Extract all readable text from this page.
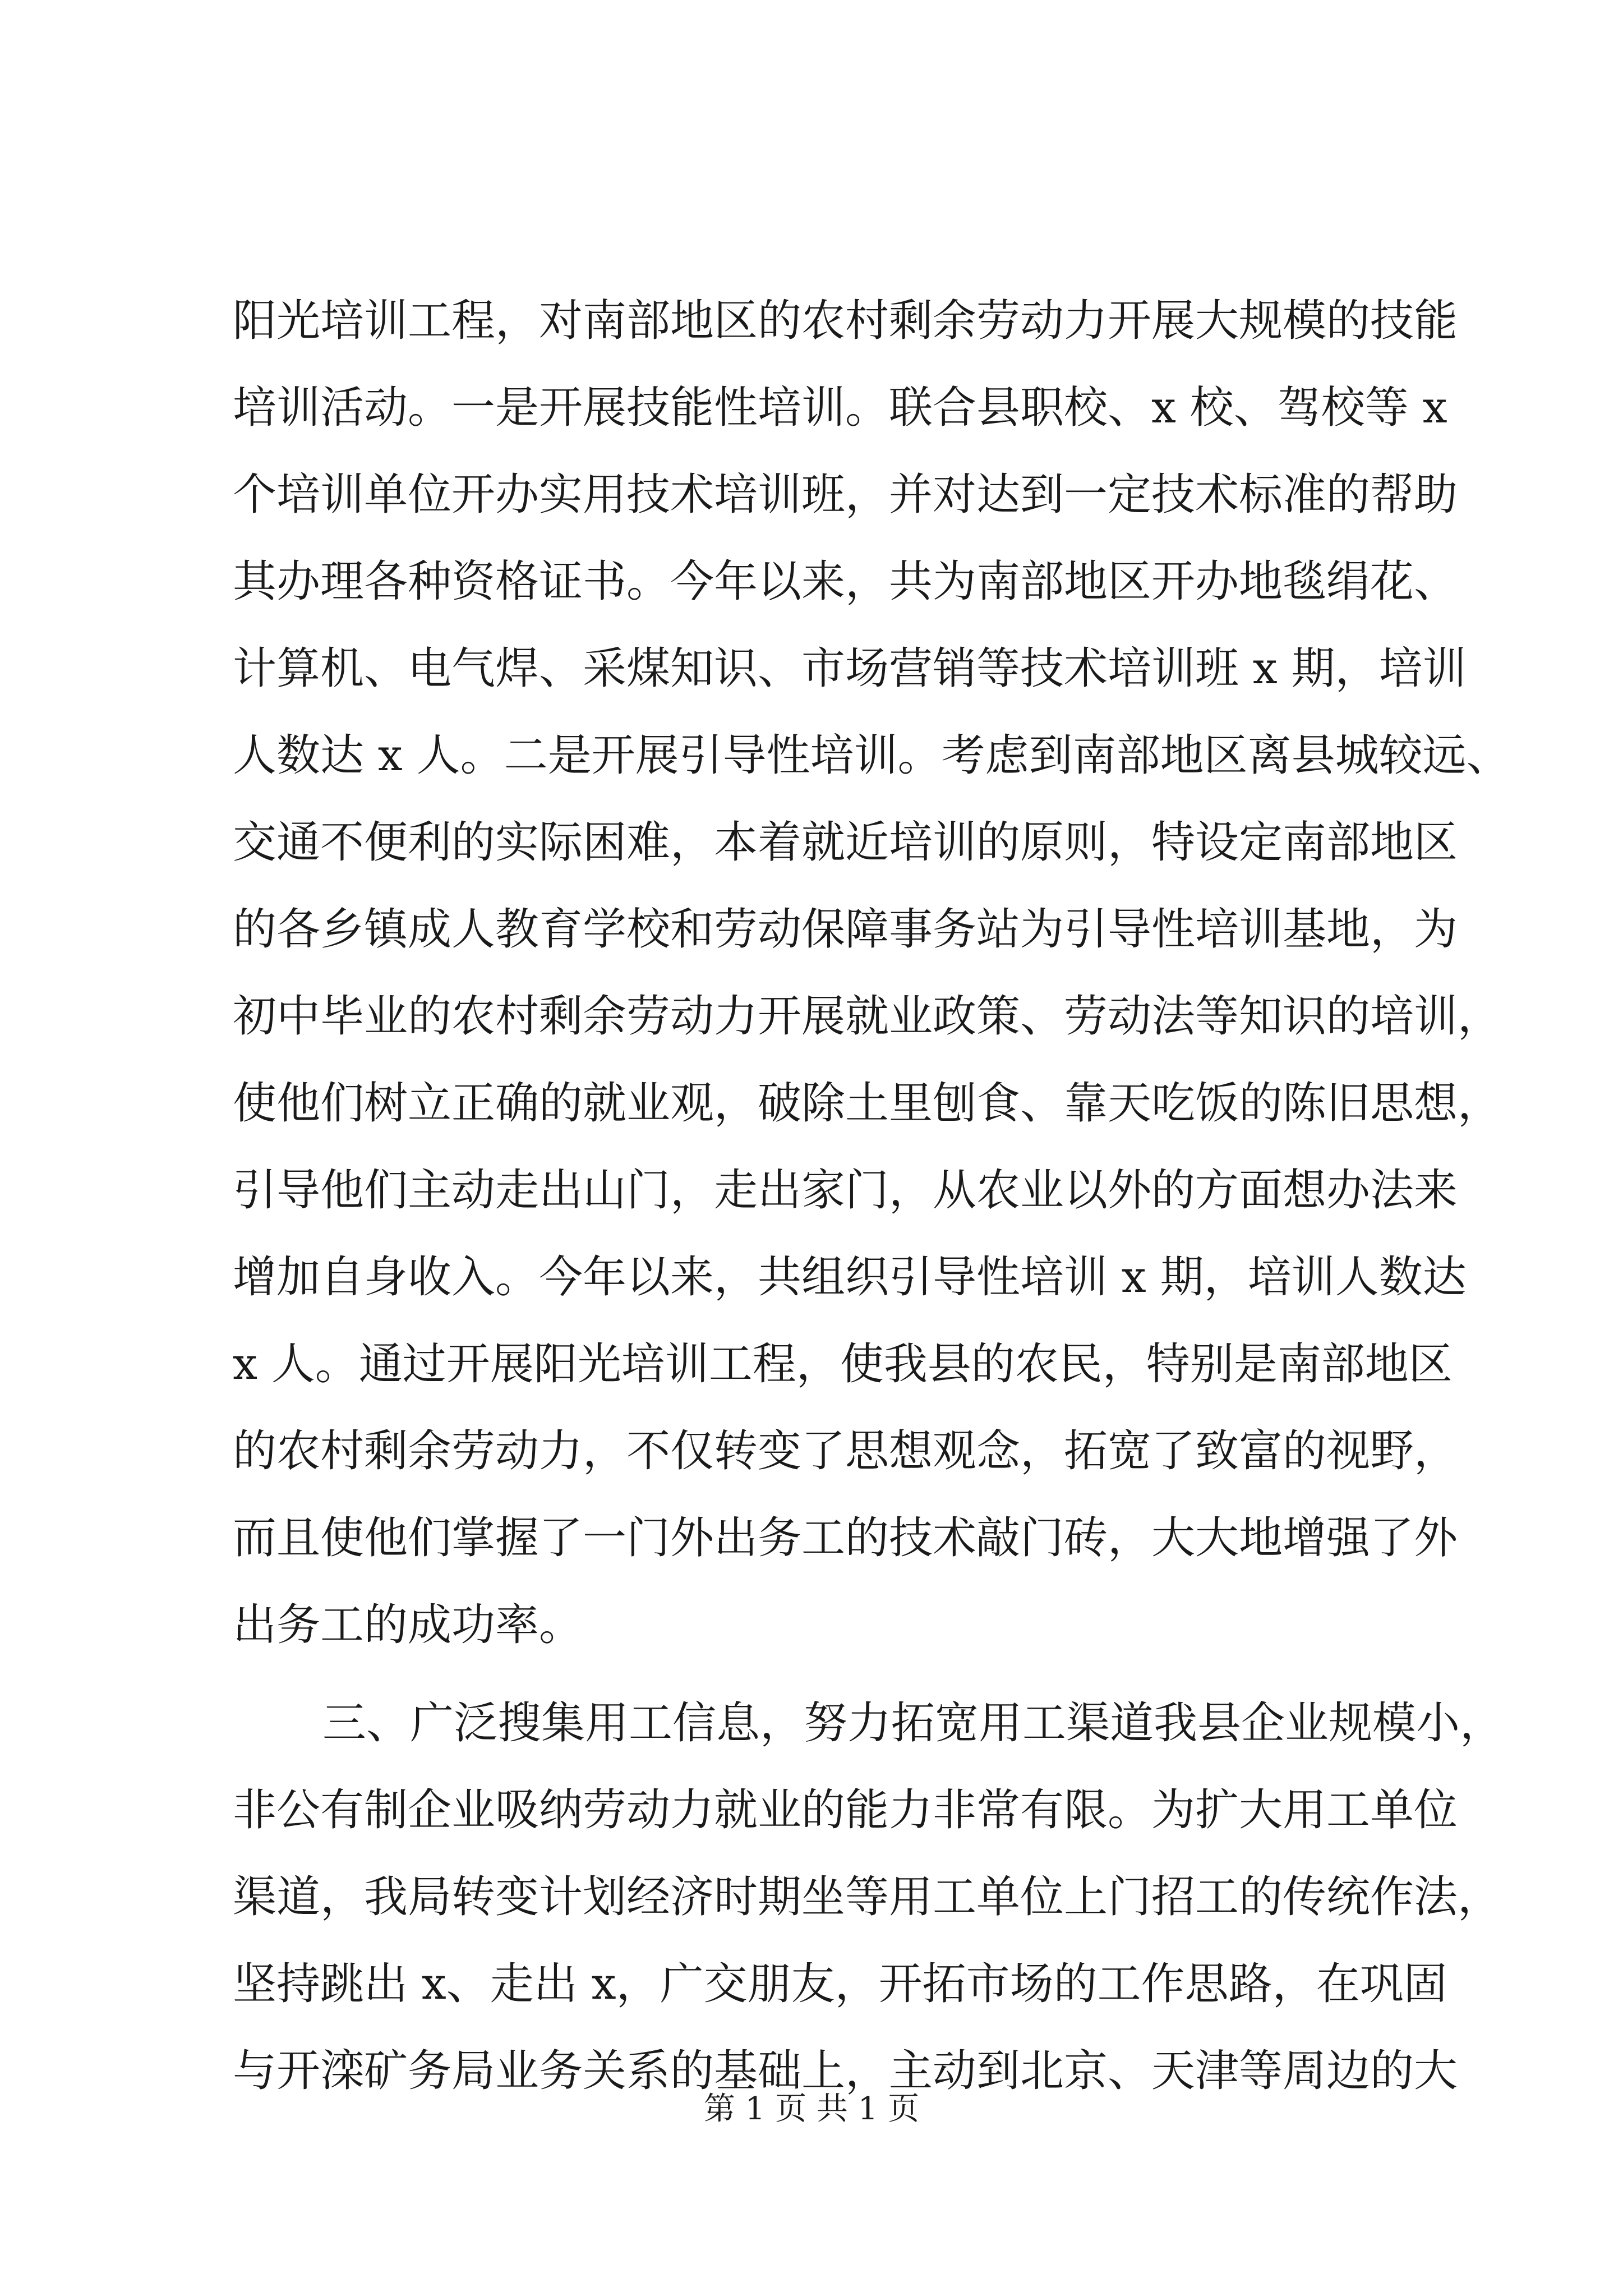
阳光培训工程，对南部地区的农村剩余劳动力开展大规模的技能
培训活动。一是开展技能性培训。联合县职校、x 校、驾校等 x
个培训单位开办实用技术培训班，并对达到一定技术标准的帮助
其办理各种资格证书。今年以来，共为南部地区开办地毯绢花、
计算机、电气焊、采煤知识、市场营销等技术培训班 x 期，培训
人数达 x 人。二是开展引导性培训。考虑到南部地区离县城较远、
交通不便利的实际困难，本着就近培训的原则，特设定南部地区
的各乡镇成人教育学校和劳动保障事务站为引导性培训基地，为
初中毕业的农村剩余劳动力开展就业政策、劳动法等知识的培训，
使他们树立正确的就业观，破除土里刨食、靠天吃饭的陈旧思想，
引导他们主动走出山门，走出家门，从农业以外的方面想办法来
增加自身收入。今年以来，共组织引导性培训 x 期，培训人数达
x 人。通过开展阳光培训工程，使我县的农民，特别是南部地区
的农村剩余劳动力，不仅转变了思想观念，拓宽了致富的视野，
而且使他们掌握了一门外出务工的技术敲门砖，大大地增强了外
出务工的成功率。
三、广泛搜集用工信息，努力拓宽用工渠道我县企业规模小，
非公有制企业吸纳劳动力就业的能力非常有限。为扩大用工单位
渠道，我局转变计划经济时期坐等用工单位上门招工的传统作法，
坚持跳出 x、走出 x，广交朋友，开拓市场的工作思路，在巩固
与开滦矿务局业务关系的基础上，主动到北京、天津等周边的大
第 1 页 共 1 页
